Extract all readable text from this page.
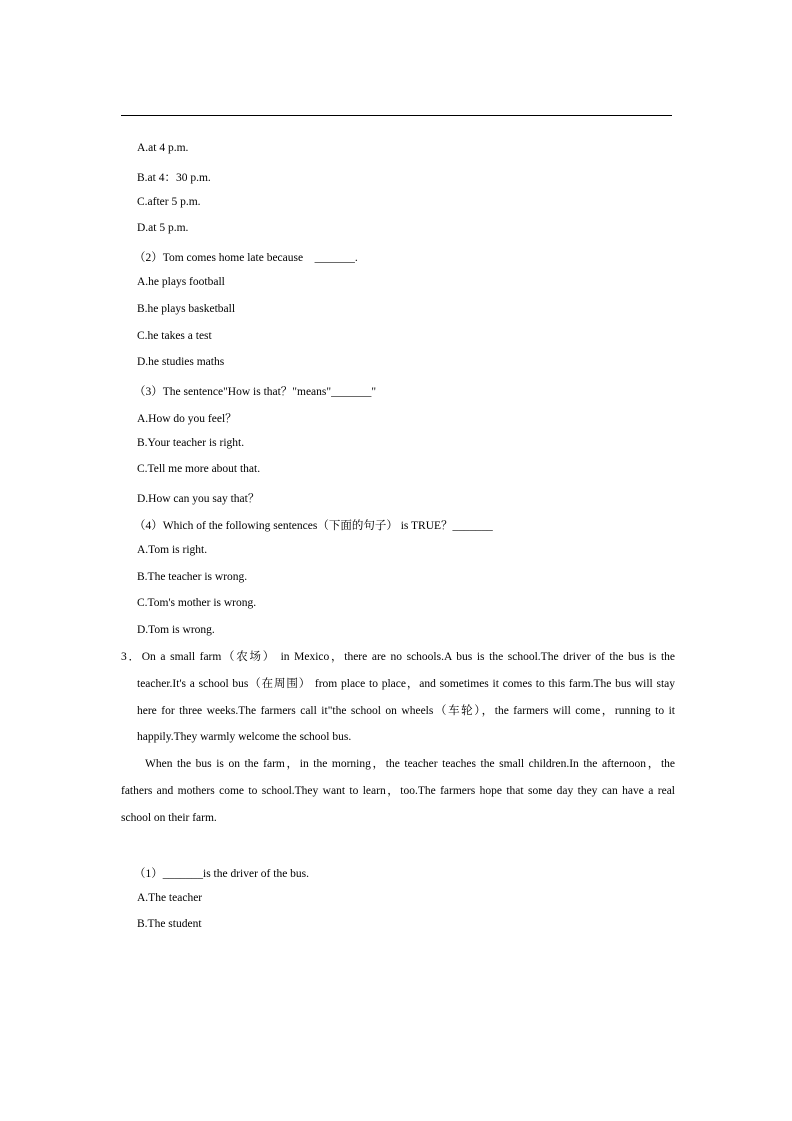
A.at 4 p.m.
B.at 4：30 p.m.
C.after 5 p.m.
D.at 5 p.m.
（2）Tom comes home late because　_______.
A.he plays football
B.he plays basketball
C.he takes a test
D.he studies maths
（3）The sentence"How is that？"means"_______"
A.How do you feel？
B.Your teacher is right.
C.Tell me more about that.
D.How can you say that？
（4）Which of the following sentences（下面的句子） is TRUE？_______
A.Tom is right.
B.The teacher is wrong.
C.Tom's mother is wrong.
D.Tom is wrong.
3．On a small farm（农场） in Mexico，there are no schools.A bus is the school.The driver of the bus is the
teacher.It's a school bus（在周围） from place to place，and sometimes it comes to this farm.The bus will stay
here for three weeks.The farmers call it"the school on wheels（车轮），the farmers will come，running to it
happily.They warmly welcome the school bus.
When the bus is on the farm，in the morning，the teacher teaches the small children.In the afternoon，the
fathers and mothers come to school.They want to learn，too.The farmers hope that some day they can have a real
school on their farm.
（1）_______is the driver of the bus.
A.The teacher
B.The student
